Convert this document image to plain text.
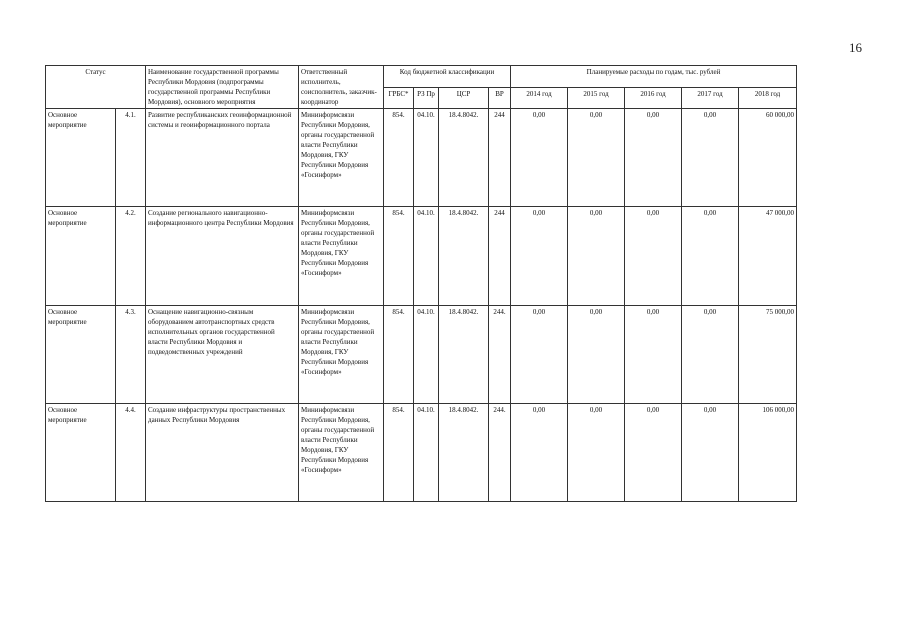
16
Статус		Наименование государственной программы Республики Мордовия (подпрограммы государственной программы Республики Мордовия), основного мероприятия	Ответственный исполнитель, соисполнитель, заказчик-координатор	Код бюджетной классификации				Планируемые расходы по годам, тыс. рублей				
				ГРБС*	РЗ Пр	ЦСР	ВР	2014 год	2015 год	2016 год	2017 год	2018 год
Основное мероприятие	4.1.	Развитие республиканских геоинформационной системы и геоинформационного портала	Мининформсвязи Республики Мордовия, органы государственной власти Республики Мордовия, ГКУ Республики Мордовия «Госинформ»	854.	04.10.	18.4.8042.	244	0,00	0,00	0,00	0,00	60 000,00
Основное мероприятие	4.2.	Создание регионального навигационно-информационного центра Республики Мордовия	Мининформсвязи Республики Мордовия, органы государственной власти Республики Мордовия, ГКУ Республики Мордовия «Госинформ»	854.	04.10.	18.4.8042.	244	0,00	0,00	0,00	0,00	47 000,00
Основное мероприятие	4.3.	Оснащение навигационно-связным оборудованием автотранспортных средств исполнительных органов государственной власти Республики Мордовия и подведомственных учреждений	Мининформсвязи Республики Мордовия, органы государственной власти Республики Мордовия, ГКУ Республики Мордовия «Госинформ»	854.	04.10.	18.4.8042.	244.	0,00	0,00	0,00	0,00	75 000,00
Основное мероприятие	4.4.	Создание инфраструктуры пространственных данных Республики Мордовия	Мининформсвязи Республики Мордовия, органы государственной власти Республики Мордовия, ГКУ Республики Мордовия «Госинформ»	854.	04.10.	18.4.8042.	244.	0,00	0,00	0,00	0,00	106 000,00
